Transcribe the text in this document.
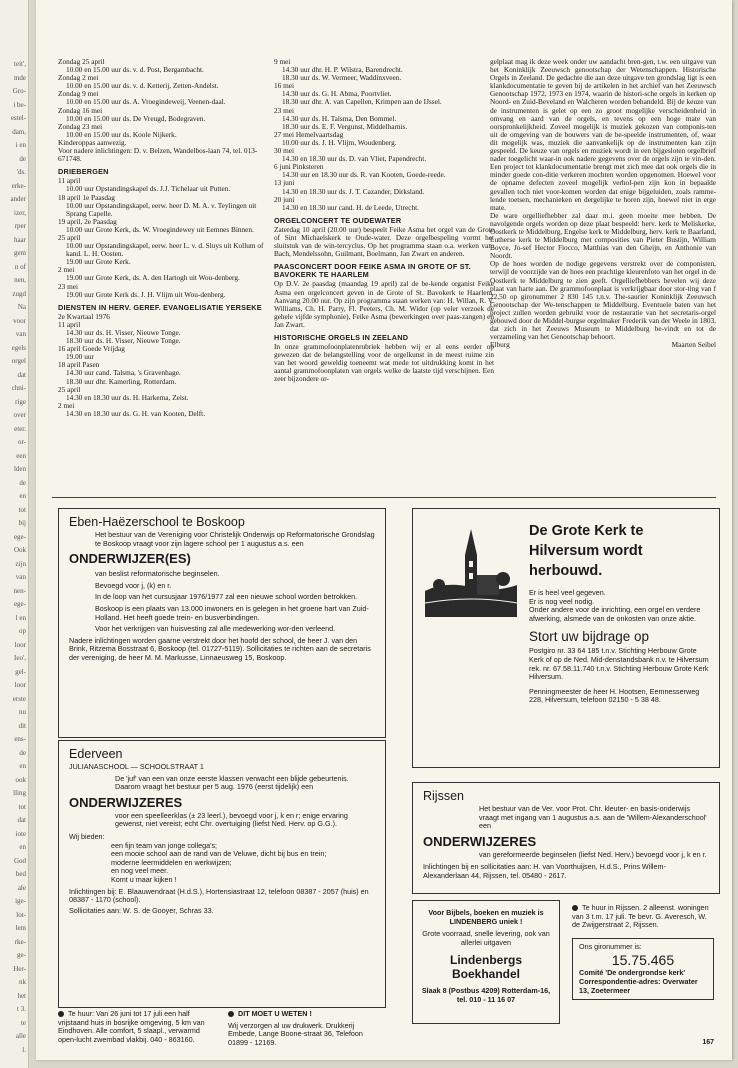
teit',
mde
Gro-
i be-
estel-
dam,
i en
de
'ds.
erke-
ander
izer,
rper
haar
gem
n of
nen,
zugd
Na
voor
van
egels
orgel
dat
chni-
rige
over
eter.
or-
een
lden
de
en
tot
bij
ege-
Ook
zijn
van
nen-
ege-
l en
op
loor
Ieo',
gel-
loor
erste
nu
dit
ens-
de
en
ook
lling
tot
dat
iote
en
God
bed
ale
ige-
lot-
lem
rke-
ge-
Her-
nk
het
t 3.
te
alle
l.

Zondag 25 april

10.00 en 15.00 uur ds. v. d. Post, Bergambacht.

Zondag 2 mei

10.00 en 15.00 uur ds. v. d. Ketterij, Zetten-Andelst.

Zondag 9 mei

10.00 en 15.00 uur ds. A. Vroegindeweij, Veenen-daal.

Zondag 16 mei

10.00 en 15.00 uur ds. De Vreugd, Bodegraven.

Zondag 23 mei

10.00 en 15.00 uur ds. Koole Nijkerk.

Kinderoppas aanwezig.

Voor nadere inlichtingen: D. v. Belzen, Wandelbos-laan 74, tel. 013-671748.

DRIEBERGEN

11 april

10.00 uur Opstandingskapel ds. J.J. Tichelaar uit Putten.

18 april 1e Paasdag

10.00 uur Opstandingskapel, eerw. heer D. M. A. v. Teylingen uit Sprang Capelle.

19 april, 2e Paasdag

10.00 uur Grote Kerk, ds. W. Vroegindewey uit Eemnes Binnen.

25 april

10.00 uur Opstandingskapel, eerw. heer L. v. d. Sluys uit Kollum of kand. L. H. Oosten.

19.00 uur Grote Kerk.

2 mei

19.00 uur Grote Kerk, ds. A. den Hartogh uit Wou-denberg.

23 mei

19.00 uur Grote Kerk ds. J. H. Vlijm uit Wou-denberg.

DIENSTEN IN HERV. GEREF. EVANGELISATIE YERSEKE

2e Kwartaal 1976

11 april

14.30 uur ds. H. Visser, Nieuwe Tonge.

18.30 uur ds. H. Visser, Nieuwe Tonge.

16 april Goede Vrijdag

19.00 uur

18 april Pasen

14.30 uur cand. Talsma, 's Gravenhage.

18.30 uur dhr. Kamerling, Rotterdam.

25 april

14.30 en 18.30 uur ds. H. Harkema, Zeist.

2 mei

14.30 en 18.30 uur ds. G. H. van Kooten, Delft.

9 mei

14.30 uur dhr. H. P. Wilstra, Barendrecht.

18.30 uur ds. W. Vermeer, Waddinxveen.

16 mei

14.30 uur ds. G. H. Abma, Poortvliet.

18.30 uur dhr. A. van Capellen, Krimpen aan de IJssel.

23 mei

14.30 uur ds. H. Talsma, Den Bommel.

18.30 uur ds. E. F. Vergunst, Middelharnis.

27 mei Hemelvaartsdag

10.00 uur ds. J. H. Vlijm, Woudenberg.

30 mei

14.30 en 18.30 uur ds. D. van Vliet, Papendrecht.

6 juni Pinksteren

14.30 uur en 18.30 uur ds. R. van Kooten, Goede-reede.

13 juni

14.30 en 18.30 uur ds. J. T. Cazander, Dirksland.

20 juni

14.30 en 18.30 uur cand. H. de Leede, Utrecht.

ORGELCONCERT TE OUDEWATER

Zaterdag 10 april (20.00 uur) bespeelt Feike Asma het orgel van de Grote of Sint Michaelskerk te Oude-water. Deze orgelbespeling vormt het sluitstuk van de win-tercyclus. Op het programma staan o.a. werken van: Bach, Mendelssohn, Guilmant, Boelmann, Jan Zwart en anderen.

PAASCONCERT DOOR FEIKE ASMA IN GROTE OF ST. BAVOKERK TE HAARLEM

Op D.V. 2e paasdag (maandag 19 april) zal de be-kende organist Feike Asma een orgelconcert geven in de Grote of St. Bavokerk te Haarlem. Aanvang 20.00 uur. Op zijn programma staan werken van: H. Willan, R. V. Williams, Ch. H. Parry, Fl. Peeters, Ch. M. Widor (op veler verzoek de gehele vijfde symphonie), Feike Asma (bewerkingen over paas-zangen) en Jan Zwart.

HISTORISCHE ORGELS IN ZEELAND

In onze grammofoonplatenrubriek hebben wij er al eens eerder op gewezen dat de belangstelling voor de orgelkunst in de meest ruime zin van het woord geweldig toeneemt wat mede tot uitdrukking komt in het aantal grammofoonplaten van orgels welke de laatste tijd verschijnen. Een zeer bijzondere or-

gelplaat mag ik deze week onder uw aandacht bren-gen, t.w. een uitgave van het Koninklijk Zeeuwsch genootschap der Wetenschappen. Historische Orgels in Zeeland. De gedachte die aan deze uitgave ten grondslag ligt is een klankdocumentatie te geven bij de artikelen in het archief van het Zeeuwsch Genootschap 1972, 1973 en 1974, waarin de histori-sche orgels in kerken op Noord- en Zuid-Beveland en Walcheren worden behandeld. Bij de keuze van de instrumenten is gelet op een zo groot mogelijke verscheidenheid in omvang en aard van de orgels, en tevens op een hoge mate van oorspronkelijkheid. Zoveel mogelijk is muziek gekozen van componis-ten uit de omgeving van de bouwers van de be-speelde instrumenten, of, waar dit mogelijk was, muziek die aanvankelijk op de instrumenten kan zijn gespeeld. De keuze van orgels en muziek wordt in een bijgesloten orgelbrief nader toegelicht waar-in ook nadere gegevens over de orgels zijn te vin-den. Een project tot klankdocumentatie brengt met zich mee dat ook orgels die in minder goede con-ditie verkeren mochten worden opgenomen. Hoewel voor de opname defecten zoveel mogelijk verhol-pen zijn kon in bepaalde gevallen toch niet voor-komen worden dat enige bijgeluiden, zoals ramme-lende toetsen, mechanieken en dergelijke te horen zijn, hoewel niet in erge mate.

De ware orgelliefhebber zal daar m.i. geen moeite mee hebben. De navolgende orgels worden op deze plaat bespeeld: herv. kerk te Meliskerke, Oostkerk te Middelburg, Engelse kerk te Middelburg, herv. kerk te Baarland, Lutherse kerk te Middelburg met composities van Pieter Bustijn, William Boyce, Jo-sef Hector Fiocco, Matthias van den Gheijn, en Anthonie van Noordt.

Op de hoes worden de nodige gegevens verstrekt over de componisten, terwijl de voorzijde van de hoes een prachtige kleurenfoto van het orgel in de Oostkerk te Middelburg te zien geeft. Orgelliefhebbers bevelen wij deze plaat van harte aan. De grammofoonplaat is verkrijgbaar door stor-ting van f 22,50 op gironummer 2 830 145 t.n.v. The-saurier Koninklijk Zeeuwsch Genootschap der We-tenschappen te Middelburg. Eventuele baten van het project zullen worden gebruikt voor de restauratie van het secretaris-orgel gebouwd door de Middel-burgse orgelmaker Frederik van der Weele in 1803, dat zich in het Zeeuws Museum te Middelburg be-vindt en tot de verzameling van het Genootschap behoort.

Elburg	Maarten Seibel
Eben-Haëzerschool te Boskoop

Het bestuur van de Vereniging voor Christelijk Onderwijs op Reformatorische Grondslag te Boskoop vraagt voor zijn lagere school per 1 augustus a.s. een

ONDERWIJZER(ES)

van beslist reformatorische beginselen.

Bevoegd voor j, (k) en r.

In de loop van het cursusjaar 1976/1977 zal een nieuwe school worden betrokken.

Boskoop is een plaats van 13.000 inwoners en is gelegen in het groene hart van Zuid-Holland. Het heeft goede trein- en busverbindingen.

Voor het verkrijgen van huisvesting zal alle medewerking wor-den verleend.

Nadere inlichtingen worden gaarne verstrekt door het hoofd der school, de heer J. van den Brink, Ritzema Bosstraat 6, Boskoop (tel. 01727-5119). Sollicitaties te richten aan de secretaris der vereniging, de heer M. M. Markusse, Linnaeusweg 15, Boskoop.

Ederveen

JULIANASCHOOL — SCHOOLSTRAAT 1

De 'juf' van een van onze eerste klassen verwacht een blijde gebeurtenis. Daarom vraagt het bestuur per 5 aug. 1976 (eerst tijdelijk) een

ONDERWIJZERES

voor een speelleerklas (± 23 leerl.), bevoegd voor j, k en r; enige ervaring gewenst, niet vereist; echt Chr. overtuiging (liefst Ned. Herv. op G.G.).

Wij bieden:

een fijn team van jonge collega's;
een mooie school aan de rand van de Veluwe, dicht bij bus en trein;
moderne leermiddelen en werkwijzen;
en nog veel meer.
Komt u maar kijken !

Inlichtingen bij: E. Blaauwendraat (H.d.S.), Hortensiastraat 12, telefoon 08387 - 2057 (huis) en 08387 - 1170 (school).

Sollicitaties aan: W. S. de Gooyer, Schras 33.

De Grote Kerk te Hilversum wordt herbouwd.

Er is heel veel gegeven.

Er is nog veel nodig.

Onder andere voor de inrichting, een orgel en verdere afwerking, alsmede van de onkosten van onze aktie.

Stort uw bijdrage op

Postgiro nr. 33 64 185 t.n.v. Stichting Herbouw Grote Kerk of op de Ned. Mid-denstandsbank n.v. te Hilversum rek. nr. 67.58.11.740 t.n.v. Stichting Herbouw Grote Kerk Hilversum.

Penningmeester de heer H. Hootsen, Eemnesserweg 228, Hilversum, telefoon 02150 - 5 38 48.

Rijssen

Het bestuur van de Ver. voor Prot. Chr. kleuter- en basis-onderwijs vraagt met ingang van 1 augustus a.s. aan de 'Willem-Alexanderschool' een

ONDERWIJZERES

van gereformeerde beginselen (liefst Ned. Herv.) bevoegd voor j, k en r.

Inlichtingen bij en sollicitaties aan: H. van Voorthuijsen, H.d.S., Prins Willem-Alexanderlaan 44, Rijssen, tel. 05480 - 2617.

Voor Bijbels, boeken en muziek is LINDENBERG uniek !

Grote voorraad, snelle levering, ook van allerlei uitgaven

Lindenbergs Boekhandel

Slaak 8 (Postbus 4209) Rotterdam-16, tel. 010 - 11 16 07

Te huur in Rijssen. 2 alleenst. woningen van 3 t.m. 17 juli. Te bevr. G. Averesch, W. de Zwijgerstraat 2, Rijssen.

Ons gironummer is:

15.75.465

Comité 'De ondergrondse kerk' Correspondentie-adres: Overwater 13, Zoetermeer

Te huur: Van 26 juni tot 17 juli een half vrijstaand huis in bosrijke omgeving, 5 km van Eindhoven. Alle comfort, 5 slaapl., verwarmd open-lucht zwembad vlakbij. 040 - 863160.

DIT MOET U WETEN !

Wij verzorgen al uw drukwerk. Drukkerij Embede, Lange Boone-straat 36, Telefoon 01899 - 12169.	167
